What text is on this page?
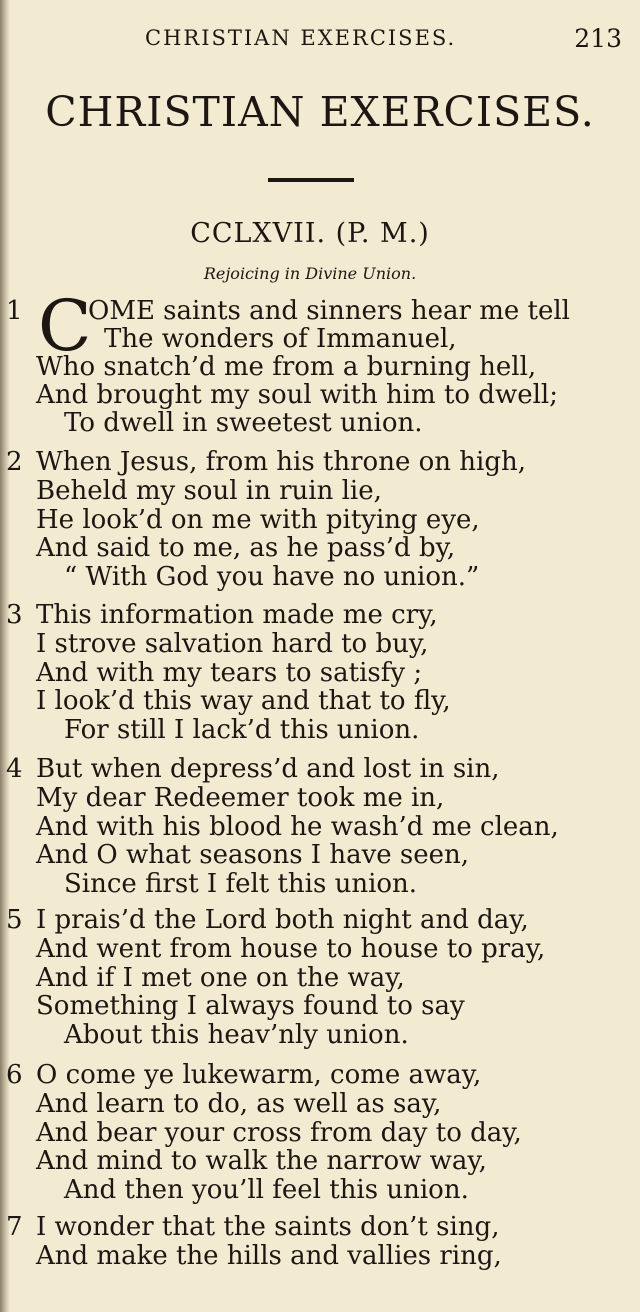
CHRISTIAN EXERCISES.	213
CHRISTIAN EXERCISES.
CCLXVII. (P. M.)
Rejoicing in Divine Union.
1 C
OME saints and sinners hear me tell
The wonders of Immanuel,
Who snatch’d me from a burning hell,
And brought my soul with him to dwell;
To dwell in sweetest union.
2 When Jesus, from his throne on high,
Beheld my soul in ruin lie,
He look’d on me with pitying eye,
And said to me, as he pass’d by,
“ With God you have no union.”
3 This information made me cry,
I strove salvation hard to buy,
And with my tears to satisfy ;
I look’d this way and that to fly,
For still I lack’d this union.
4 But when depress’d and lost in sin,
My dear Redeemer took me in,
And with his blood he wash’d me clean,
And O what seasons I have seen,
Since first I felt this union.
5 I prais’d the Lord both night and day,
And went from house to house to pray,
And if I met one on the way,
Something I always found to say
About this heav’nly union.
6 O come ye lukewarm, come away,
And learn to do, as well as say,
And bear your cross from day to day,
And mind to walk the narrow way,
And then you’ll feel this union.
7 I wonder that the saints don’t sing,
And make the hills and vallies ring,
